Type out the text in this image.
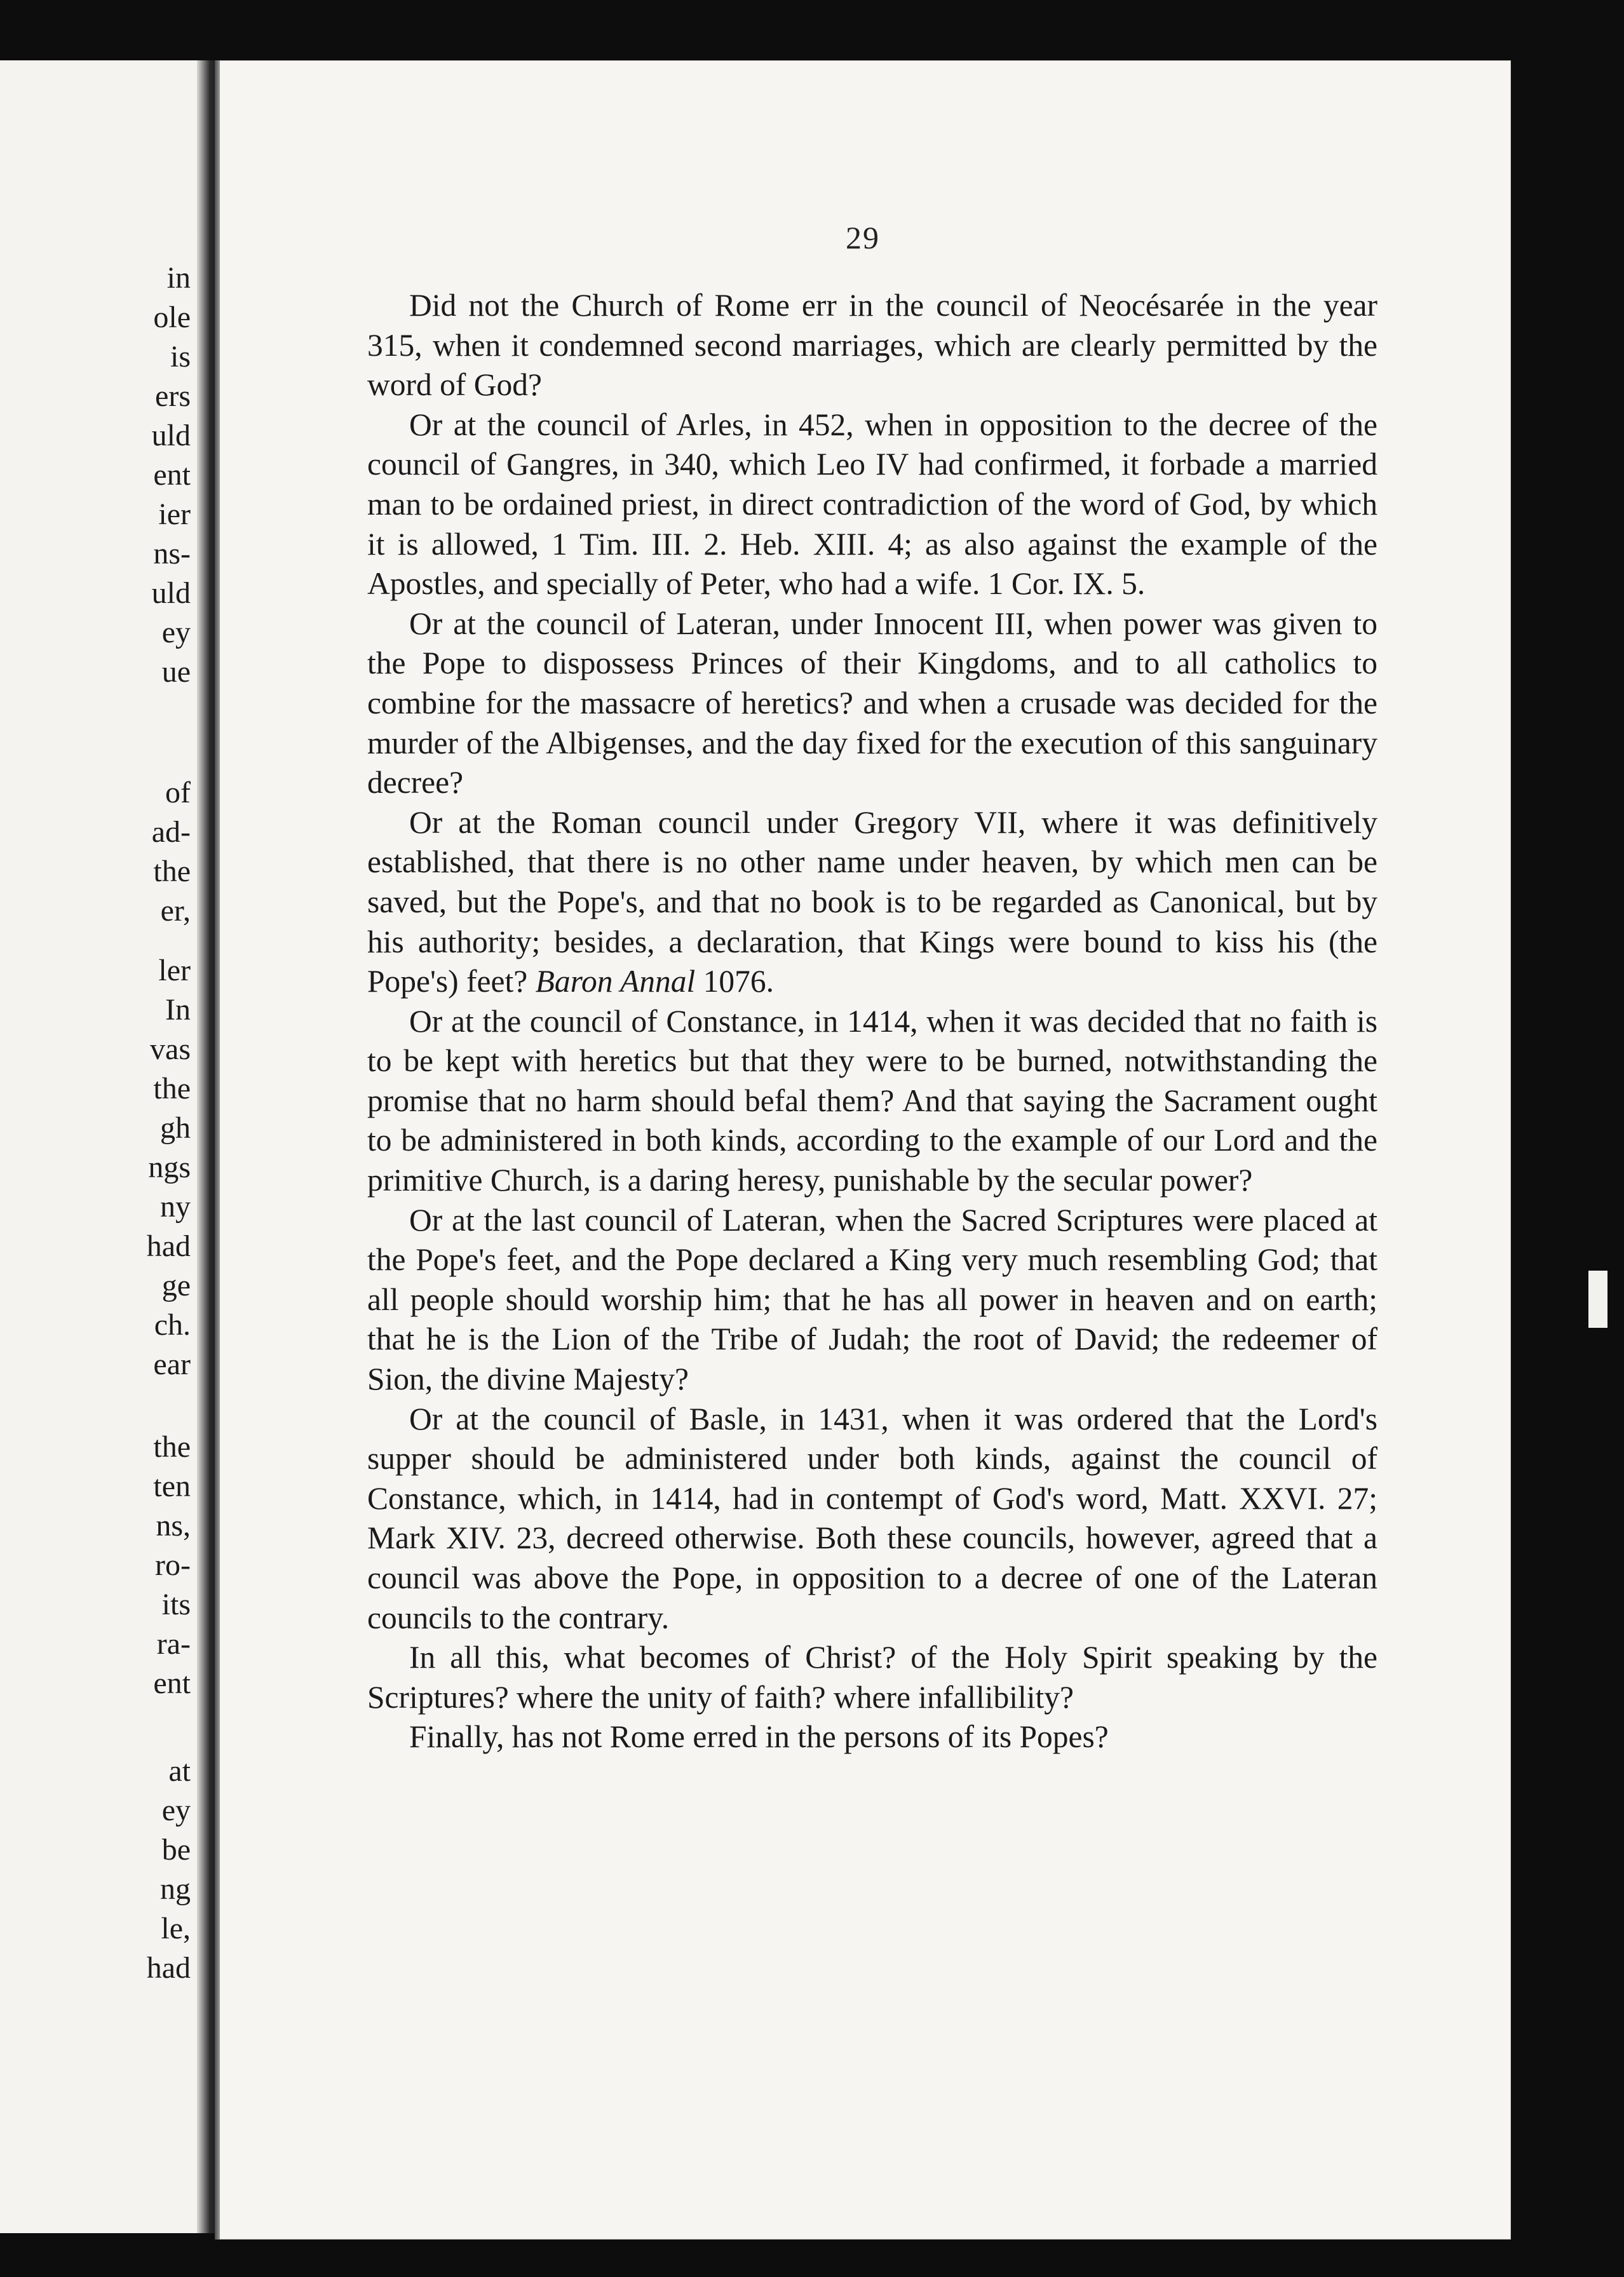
in
ole
is
ers
uld
ent
ier
ns-
uld
ey
ue
of
ad-
the
er,
ler
In
vas
the
gh
ngs
ny
had
ge
ch.
ear
the
ten
ns,
ro-
its
ra-
ent
at
ey
be
ng
le,
had
29

Did not the Church of Rome err in the council of Neocésarée in the year 315, when it condemned second marriages, which are clearly permitted by the word of God?

Or at the council of Arles, in 452, when in opposition to the decree of the council of Gangres, in 340, which Leo IV had confirmed, it forbade a married man to be ordained priest, in direct contradiction of the word of God, by which it is allowed, 1 Tim. III. 2. Heb. XIII. 4; as also against the example of the Apostles, and specially of Peter, who had a wife. 1 Cor. IX. 5.

Or at the council of Lateran, under Innocent III, when power was given to the Pope to dispossess Princes of their Kingdoms, and to all catholics to combine for the massacre of heretics? and when a crusade was decided for the murder of the Albigenses, and the day fixed for the execution of this sanguinary decree?

Or at the Roman council under Gregory VII, where it was definitively established, that there is no other name under heaven, by which men can be saved, but the Pope's, and that no book is to be regarded as Canonical, but by his authority; besides, a declaration, that Kings were bound to kiss his (the Pope's) feet? Baron Annal 1076.

Or at the council of Constance, in 1414, when it was decided that no faith is to be kept with heretics but that they were to be burned, notwithstanding the promise that no harm should befal them? And that saying the Sacrament ought to be administered in both kinds, according to the example of our Lord and the primitive Church, is a daring heresy, punishable by the secular power?

Or at the last council of Lateran, when the Sacred Scriptures were placed at the Pope's feet, and the Pope declared a King very much resembling God; that all people should worship him; that he has all power in heaven and on earth; that he is the Lion of the Tribe of Judah; the root of David; the redeemer of Sion, the divine Majesty?

Or at the council of Basle, in 1431, when it was ordered that the Lord's supper should be administered under both kinds, against the council of Constance, which, in 1414, had in contempt of God's word, Matt. XXVI. 27; Mark XIV. 23, decreed otherwise. Both these councils, however, agreed that a council was above the Pope, in opposition to a decree of one of the Lateran councils to the contrary.

In all this, what becomes of Christ? of the Holy Spirit speaking by the Scriptures? where the unity of faith? where infallibility?

Finally, has not Rome erred in the persons of its Popes?
